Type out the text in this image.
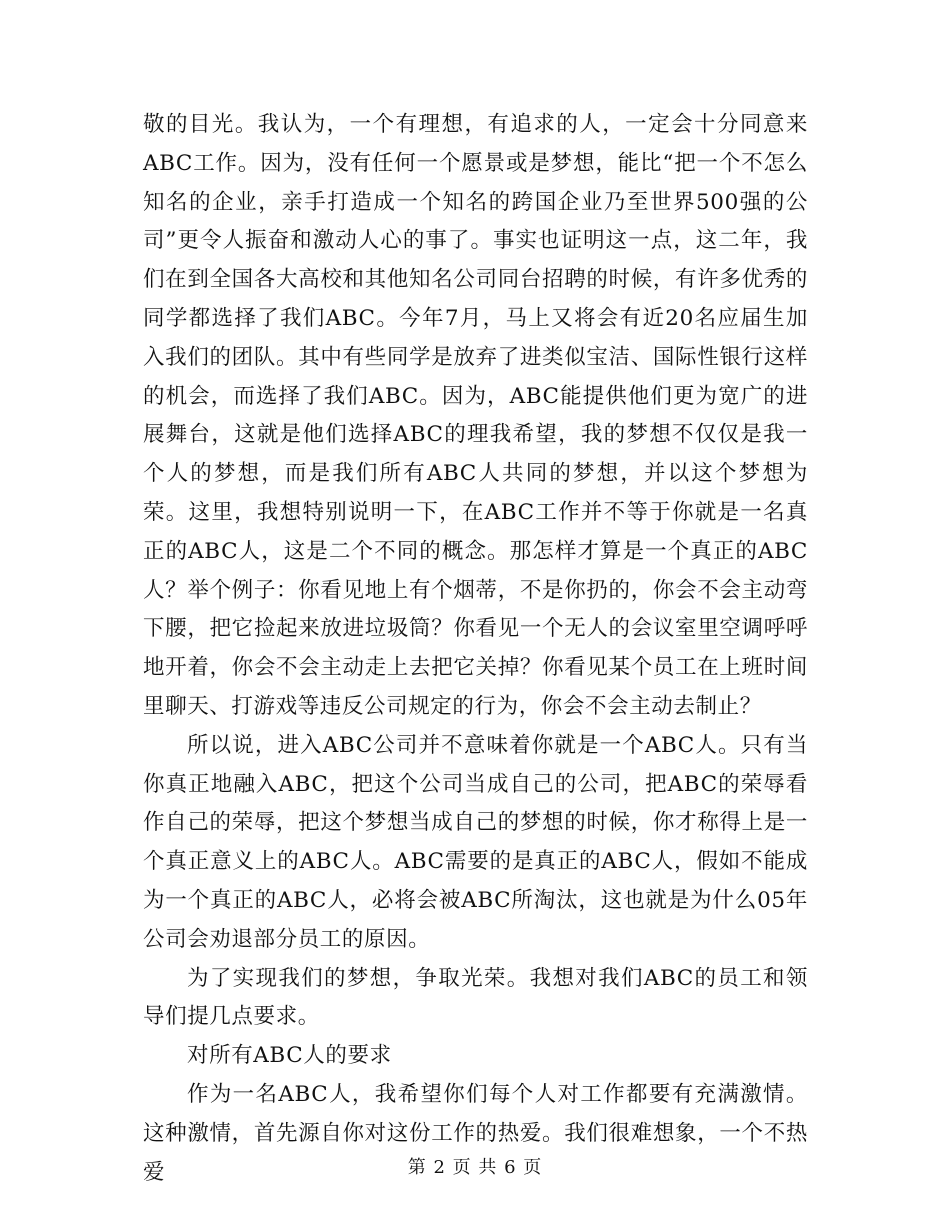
敬的目光。我认为，一个有理想，有追求的人，一定会十分同意来ABC工作。因为，没有任何一个愿景或是梦想，能比“把一个不怎么知名的企业，亲手打造成一个知名的跨国企业乃至世界500强的公司”更令人振奋和激动人心的事了。事实也证明这一点，这二年，我们在到全国各大高校和其他知名公司同台招聘的时候，有许多优秀的同学都选择了我们ABC。今年7月，马上又将会有近20名应届生加入我们的团队。其中有些同学是放弃了进类似宝洁、国际性银行这样的机会，而选择了我们ABC。因为，ABC能提供他们更为宽广的进展舞台，这就是他们选择ABC的理我希望，我的梦想不仅仅是我一个人的梦想，而是我们所有ABC人共同的梦想，并以这个梦想为荣。这里，我想特别说明一下，在ABC工作并不等于你就是一名真正的ABC人，这是二个不同的概念。那怎样才算是一个真正的ABC人？举个例子：你看见地上有个烟蒂，不是你扔的，你会不会主动弯下腰，把它捡起来放进垃圾筒？你看见一个无人的会议室里空调呼呼地开着，你会不会主动走上去把它关掉？你看见某个员工在上班时间里聊天、打游戏等违反公司规定的行为，你会不会主动去制止？

所以说，进入ABC公司并不意味着你就是一个ABC人。只有当你真正地融入ABC，把这个公司当成自己的公司，把ABC的荣辱看作自己的荣辱，把这个梦想当成自己的梦想的时候，你才称得上是一个真正意义上的ABC人。ABC需要的是真正的ABC人，假如不能成为一个真正的ABC人，必将会被ABC所淘汰，这也就是为什么05年公司会劝退部分员工的原因。

为了实现我们的梦想，争取光荣。我想对我们ABC的员工和领导们提几点要求。

对所有ABC人的要求

作为一名ABC人，我希望你们每个人对工作都要有充满激情。这种激情，首先源自你对这份工作的热爱。我们很难想象，一个不热爱	第 2 页 共 6 页
